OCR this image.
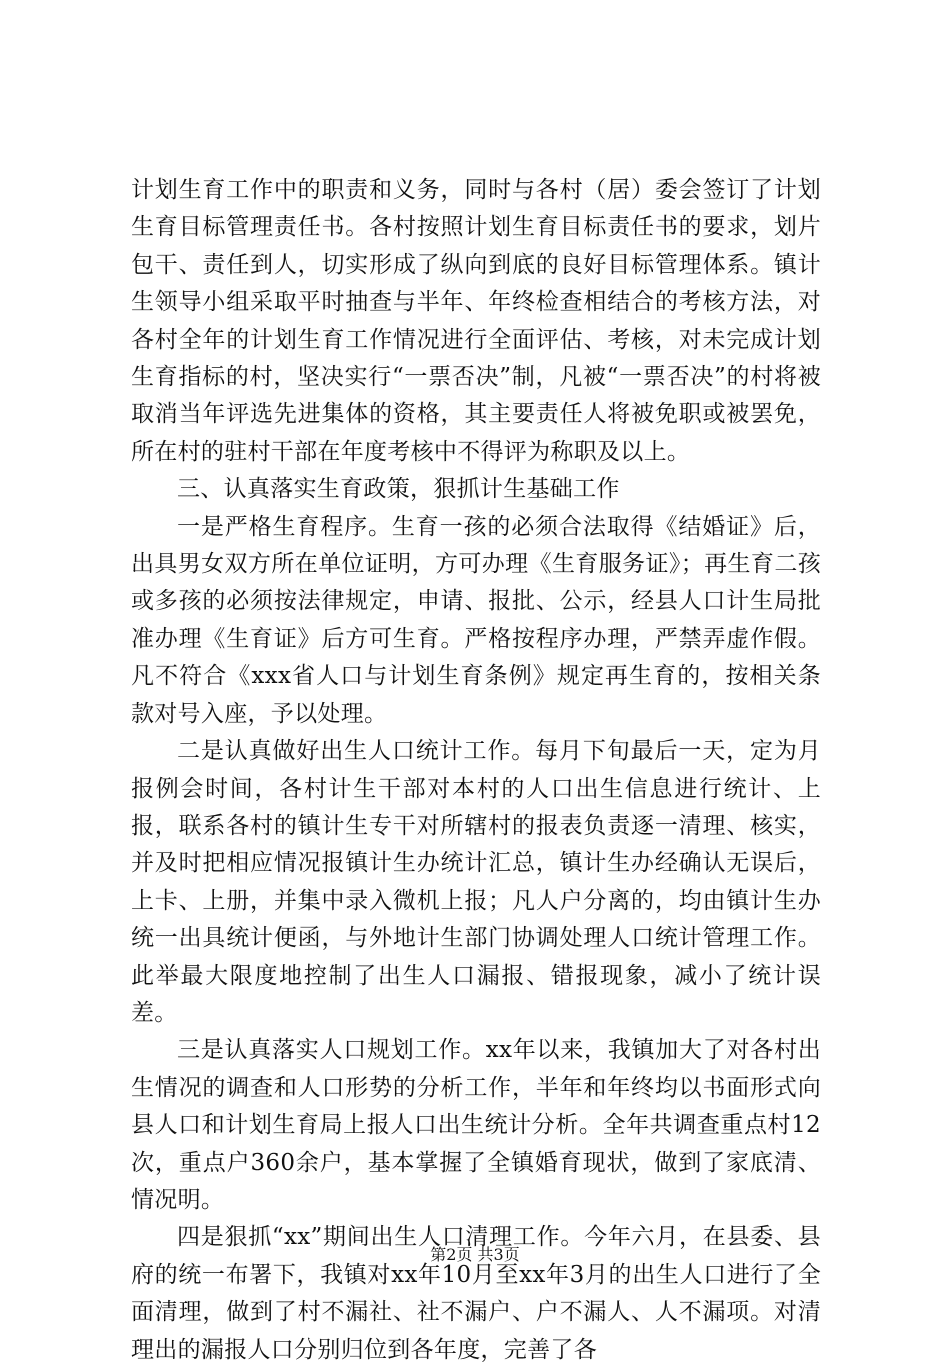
计划生育工作中的职责和义务，同时与各村（居）委会签订了计划生育目标管理责任书。各村按照计划生育目标责任书的要求，划片包干、责任到人，切实形成了纵向到底的良好目标管理体系。镇计生领导小组采取平时抽查与半年、年终检查相结合的考核方法，对各村全年的计划生育工作情况进行全面评估、考核，对未完成计划生育指标的村，坚决实行“一票否决”制，凡被“一票否决”的村将被取消当年评选先进集体的资格，其主要责任人将被免职或被罢免，所在村的驻村干部在年度考核中不得评为称职及以上。

三、认真落实生育政策，狠抓计生基础工作

一是严格生育程序。生育一孩的必须合法取得《结婚证》后，出具男女双方所在单位证明，方可办理《生育服务证》；再生育二孩或多孩的必须按法律规定，申请、报批、公示，经县人口计生局批准办理《生育证》后方可生育。严格按程序办理，严禁弄虚作假。凡不符合《xxx省人口与计划生育条例》规定再生育的，按相关条款对号入座，予以处理。

二是认真做好出生人口统计工作。每月下旬最后一天，定为月报例会时间，各村计生干部对本村的人口出生信息进行统计、上报，联系各村的镇计生专干对所辖村的报表负责逐一清理、核实，并及时把相应情况报镇计生办统计汇总，镇计生办经确认无误后，上卡、上册，并集中录入微机上报；凡人户分离的，均由镇计生办统一出具统计便函，与外地计生部门协调处理人口统计管理工作。此举最大限度地控制了出生人口漏报、错报现象，减小了统计误差。

三是认真落实人口规划工作。xx年以来，我镇加大了对各村出生情况的调查和人口形势的分析工作，半年和年终均以书面形式向县人口和计划生育局上报人口出生统计分析。全年共调查重点村12次，重点户360余户，基本掌握了全镇婚育现状，做到了家底清、情况明。

四是狠抓“xx”期间出生人口清理工作。今年六月，在县委、县府的统一布署下，我镇对xx年10月至xx年3月的出生人口进行了全面清理，做到了村不漏社、社不漏户、户不漏人、人不漏项。对清理出的漏报人口分别归位到各年度，完善了各

第2页 共3页
